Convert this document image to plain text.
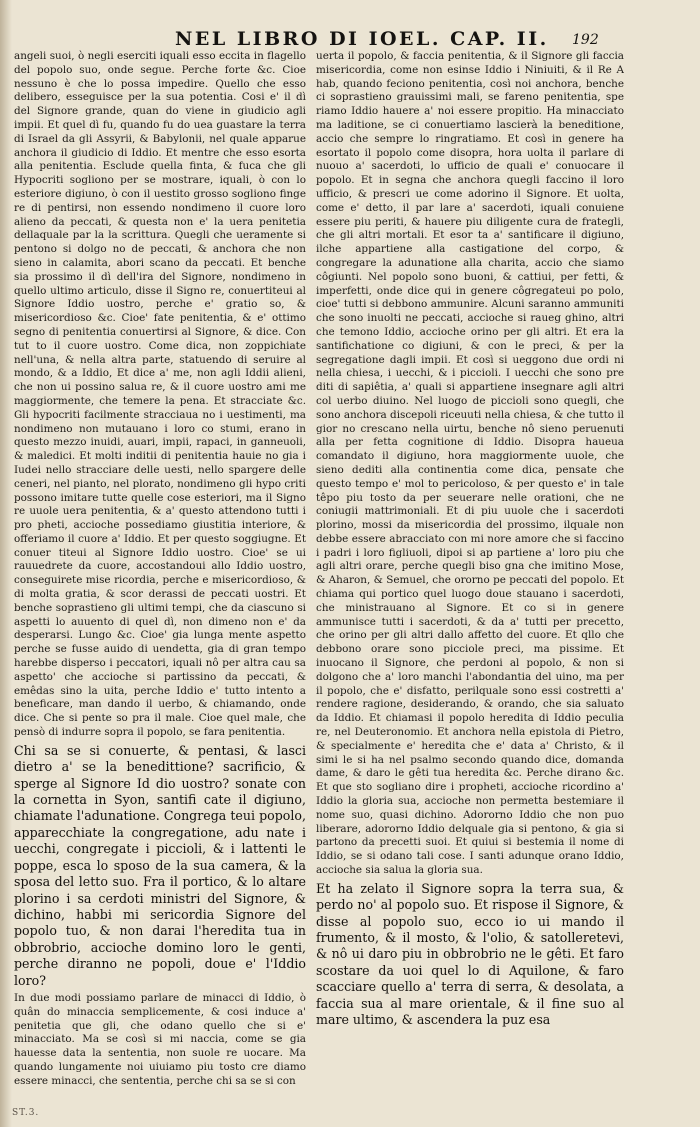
NEL LIBRO DI IOEL. CAP. II. 192

angeli suoi, ò negli eserciti iquali esso eccita in flagello del popolo suo, onde segue. Perche forte &c. Cioe nessuno è che lo possa impedire. Quello che esso delibero, esseguisce per la sua potentia. Cosi e' il dì del Signore grande, quan do viene in giudicio agli impii. Et quel dì fu, quando fu do uea guastare la terra di Israel da gli Assyrii, & Babylonii, nel quale apparue anchora il giudicio di Iddio. Et mentre che esso esorta alla penitentia. Esclude quella finta, & fuca che gli Hypocriti sogliono per se mostrare, iquali, ò con lo esteriore digiuno, ò con il uestito grosso sogliono finge re di pentirsi, non essendo nondimeno il cuore loro alieno da peccati, & questa non e' la uera penitetia dellaquale par la la scrittura. Quegli che ueramente si pentono si dolgo no de peccati, & anchora che non sieno in calamita, abori scano da peccati. Et benche sia prossimo il dì dell'ira del Signore, nondimeno in quello ultimo articulo, disse il Signo re, conuertiteui al Signore Iddio uostro, perche e' gratio so, & misericordioso &c. Cioe' fate penitentia, & e' ottimo segno di penitentia conuertirsi al Signore, & dice. Con tut to il cuore uostro. Come dica, non zoppichiate nell'una, & nella altra parte, statuendo di seruire al mondo, & a Iddio, Et dice a' me, non agli Iddii alieni, che non ui possino salua re, & il cuore uostro ami me maggiormente, che temere la pena. Et stracciate &c. Gli hypocriti facilmente stracciaua no i uestimenti, ma nondimeno non mutauano i loro co stumi, erano in questo mezzo inuidi, auari, impii, rapaci, in ganneuoli, & maledici. Et molti inditii di penitentia hauie no gia i Iudei nello stracciare delle uesti, nello spargere delle ceneri, nel pianto, nel plorato, nondimeno gli hypo criti possono imitare tutte quelle cose esteriori, ma il Signo re uuole uera penitentia, & a' questo attendono tutti i pro pheti, accioche possediamo giustitia interiore, & offeriamo il cuore a' Iddio. Et per questo soggiugne. Et conuer titeui al Signore Iddio uostro. Cioe' se ui rauuedrete da cuore, accostandoui allo Iddio uostro, conseguirete mise ricordia, perche e misericordioso, & di molta gratia, & scor derassi de peccati uostri. Et benche soprastieno gli ultimi tempi, che da ciascuno si aspetti lo auuento di quel dì, non dimeno non e' da desperarsi. Lungo &c. Cioe' gia lunga mente aspetto perche se fusse auido di uendetta, gia di gran tempo harebbe disperso i peccatori, iquali nô per altra cau sa aspetto' che accioche si partissino da peccati, & emêdas sino la uita, perche Iddio e' tutto intento a beneficare, man dando il uerbo, & chiamando, onde dice. Che si pente so pra il male. Cioe quel male, che pensò di indurre sopra il popolo, se fara penitentia.

Chi sa se si conuerte, & pentasi, & lasci dietro a' se la benedittione? sacrificio, & sperge al Signore Id dio uostro? sonate con la cornetta in Syon, santifi cate il digiuno, chiamate l'adunatione. Congrega teui popolo, apparecchiate la congregatione, adu nate i uecchi, congregate i piccioli, & i lattenti le poppe, esca lo sposo de la sua camera, & la sposa del letto suo. Fra il portico, & lo altare plorino i sa cerdoti ministri del Signore, & dichino, habbi mi sericordia Signore del popolo tuo, & non darai l'heredita tua in obbrobrio, accioche domino loro le genti, perche diranno ne popoli, doue e' l'Iddio loro?

In due modi possiamo parlare de minacci di Iddio, ò quân do minaccia semplicemente, & cosi induce a' penitetia que gli, che odano quello che si e' minacciato. Ma se così si mi naccia, come se gia hauesse data la sententia, non suole re uocare. Ma quando lungamente noi uiuiamo piu tosto cre diamo essere minacci, che sententia, perche chi sa se si con

uerta il popolo, & faccia penitentia, & il Signore gli faccia misericordia, come non esinse Iddio i Niniuiti, & il Re A hab, quando feciono penitentia, così noi anchora, benche ci soprastieno grauissimi mali, se fareno penitentia, spe riamo Iddio hauere a' noi essere propitio. Ha minacciato ma laditione, se ci conuertiamo lascierà la beneditione, accio che sempre lo ringratiamo. Et così in genere ha esortato il popolo come disopra, hora uolta il parlare di nuouo a' sacerdoti, lo ufficio de quali e' conuocare il popolo. Et in segna che anchora quegli faccino il loro ufficio, & prescri ue come adorino il Signore. Et uolta, come e' detto, il par lare a' sacerdoti, iquali conuiene essere piu periti, & hauere piu diligente cura de frategli, che gli altri mortali. Et esor ta a' santificare il digiuno, ilche appartiene alla castigatione del corpo, & congregare la adunatione alla charita, accio che siamo côgiunti. Nel popolo sono buoni, & cattiui, per fetti, & imperfetti, onde dice qui in genere côgregateui po polo, cioe' tutti si debbono ammunire. Alcuni saranno ammuniti che sono inuolti ne peccati, accioche si raueg ghino, altri che temono Iddio, accioche orino per gli altri. Et era la santifichatione co digiuni, & con le preci, & per la segregatione dagli impii. Et così si ueggono due ordi ni nella chiesa, i uecchi, & i piccioli. I uecchi che sono pre diti di sapiêtia, a' quali si appartiene insegnare agli altri col uerbo diuino. Nel luogo de piccioli sono quegli, che sono anchora discepoli riceuuti nella chiesa, & che tutto il gior no crescano nella uirtu, benche nô sieno peruenuti alla per fetta cognitione di Iddio. Disopra haueua comandato il digiuno, hora maggiormente uuole, che sieno dediti alla continentia come dica, pensate che questo tempo e' mol to pericoloso, & per questo e' in tale têpo piu tosto da per seuerare nelle orationi, che ne coniugii mattrimoniali. Et di piu uuole che i sacerdoti plorino, mossi da misericordia del prossimo, ilquale non debbe essere abracciato con mi nore amore che si faccino i padri i loro figliuoli, dipoi si ap partiene a' loro piu che agli altri orare, perche quegli biso gna che imitino Mose, & Aharon, & Semuel, che ororno pe peccati del popolo. Et chiama qui portico quel luogo doue stauano i sacerdoti, che ministrauano al Signore. Et co si in genere ammunisce tutti i sacerdoti, & da a' tutti per precetto, che orino per gli altri dallo affetto del cuore. Et qllo che debbono orare sono picciole preci, ma pissime. Et inuocano il Signore, che perdoni al popolo, & non si dolgono che a' loro manchi l'abondantia del uino, ma per il popolo, che e' disfatto, perilquale sono essi costretti a' rendere ragione, desiderando, & orando, che sia saluato da Iddio. Et chiamasi il popolo heredita di Iddio peculia re, nel Deuteronomio. Et anchora nella epistola di Pietro, & specialmente e' heredita che e' data a' Christo, & il simi le si ha nel psalmo secondo quando dice, domanda dame, & daro le gêti tua heredita &c. Perche dirano &c. Et que sto sogliano dire i propheti, accioche ricordino a' Iddio la gloria sua, accioche non permetta bestemiare il nome suo, quasi dichino. Adororno Iddio che non puo liberare, adororno Iddio delquale gia si pentono, & gia si partono da precetti suoi. Et quiui si bestemia il nome di Iddio, se si odano tali cose. I santi adunque orano Iddio, accioche sia salua la gloria sua.

Et ha zelato il Signore sopra la terra sua, & perdo no' al popolo suo. Et rispose il Signore, & disse al popolo suo, ecco io ui mando il frumento, & il mosto, & l'olio, & satolleretevi, & nô ui daro piu in obbrobrio ne le gêti. Et faro scostare da uoi quel lo di Aquilone, & faro scacciare quello a' terra di serra, & desolata, a faccia sua al mare orientale, & il fine suo al mare ultimo, & ascendera la puz esa

ST.3.
